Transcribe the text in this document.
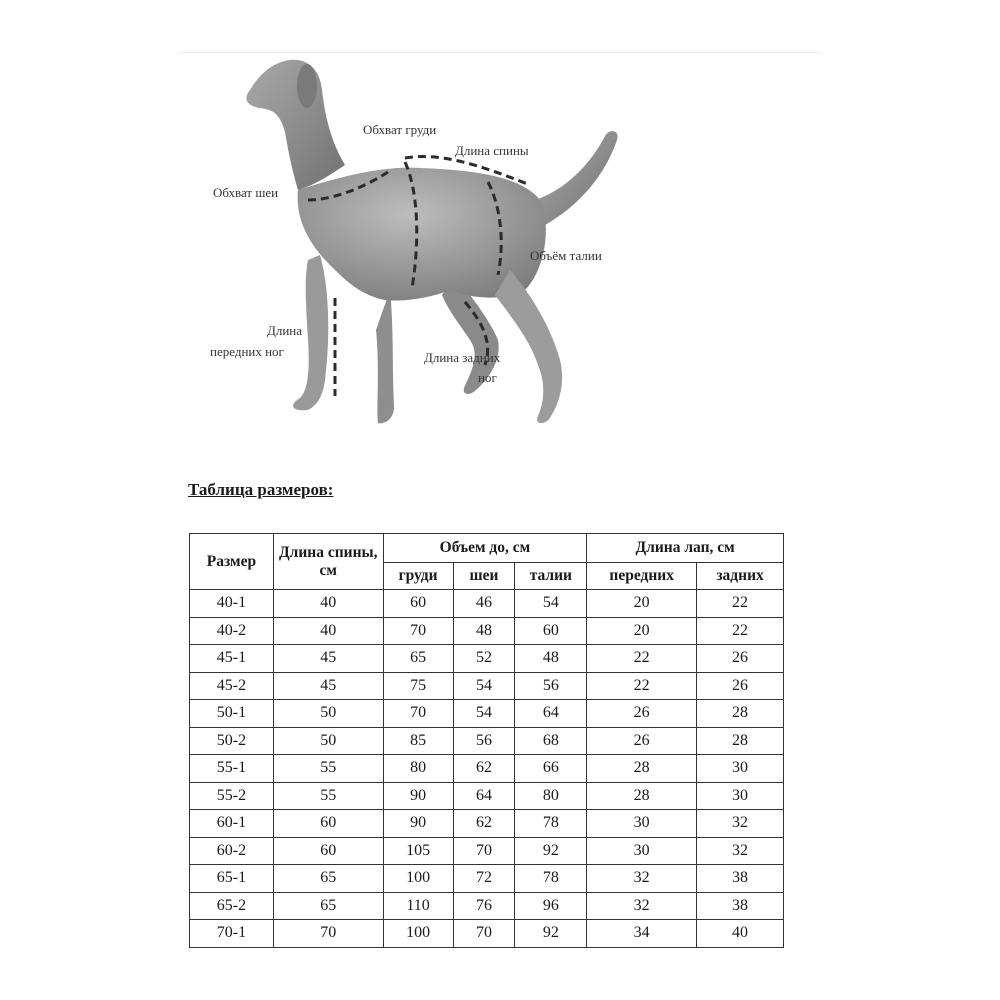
Обхват груди
Длина спины
Обхват шеи
Объём талии
Длина
передних ног	Длина задних
ног
Таблица размеров:
Размер	Длина спины, см	Объем до, см			Длина лап, см	
		груди	шеи	талии	передних	задних
40-1	40	60	46	54	20	22
40-2	40	70	48	60	20	22
45-1	45	65	52	48	22	26
45-2	45	75	54	56	22	26
50-1	50	70	54	64	26	28
50-2	50	85	56	68	26	28
55-1	55	80	62	66	28	30
55-2	55	90	64	80	28	30
60-1	60	90	62	78	30	32
60-2	60	105	70	92	30	32
65-1	65	100	72	78	32	38
65-2	65	110	76	96	32	38
70-1	70	100	70	92	34	40
